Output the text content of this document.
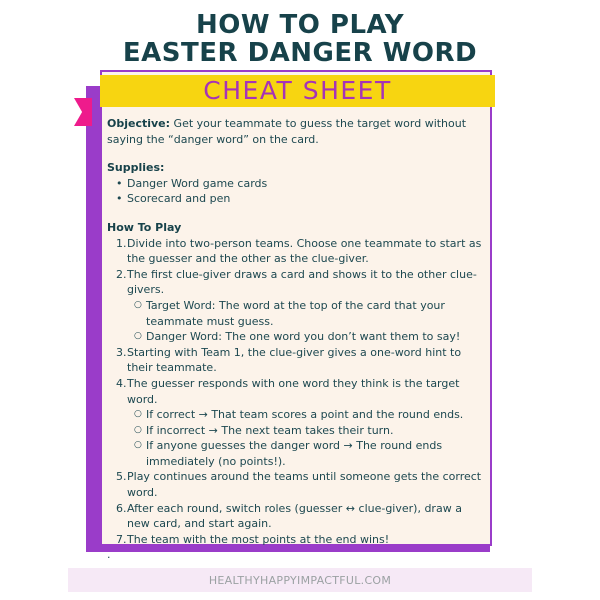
HOW TO PLAY
EASTER DANGER WORD
CHEAT SHEET

Objective: Get your teammate to guess the target word without saying the “danger word” on the card.

Supplies:

• Danger Word game cards
• Scorecard and pen

How To Play

1. Divide into two-person teams. Choose one teammate to start as the guesser and the other as the clue-giver.
2. The first clue-giver draws a card and shows it to the other clue-givers.
○ Target Word: The word at the top of the card that your teammate must guess.
○ Danger Word: The one word you don’t want them to say!
3. Starting with Team 1, the clue-giver gives a one-word hint to their teammate.
4. The guesser responds with one word they think is the target word.
○ If correct → That team scores a point and the round ends.
○ If incorrect → The next team takes their turn.
○ If anyone guesses the danger word → The round ends immediately (no points!).
5. Play continues around the teams until someone gets the correct word.
6. After each round, switch roles (guesser ↔ clue-giver), draw a new card, and start again.
7. The team with the most points at the end wins!

.

HEALTHYHAPPYIMPACTFUL.COM
